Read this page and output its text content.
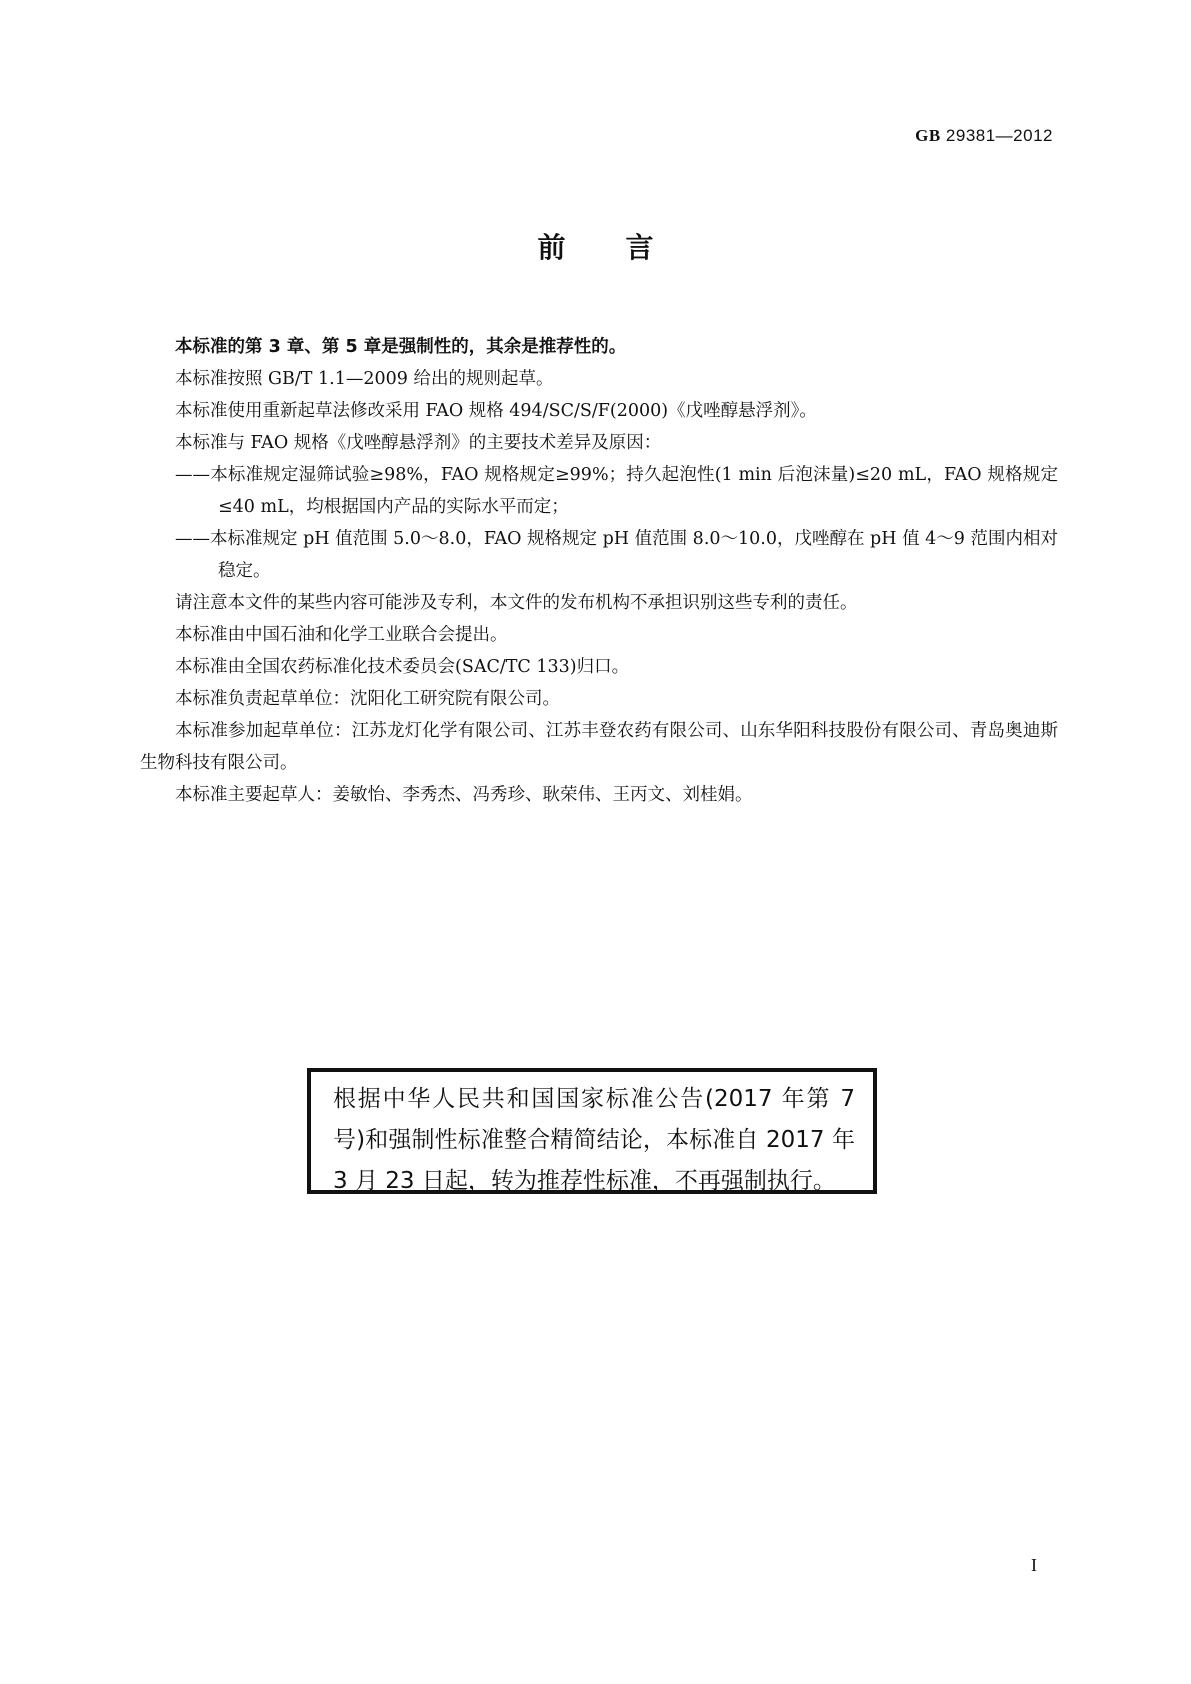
GB 29381—2012
前言

本标准的第 3 章、第 5 章是强制性的，其余是推荐性的。

本标准按照 GB/T 1.1—2009 给出的规则起草。

本标准使用重新起草法修改采用 FAO 规格 494/SC/S/F(2000)《戊唑醇悬浮剂》。

本标准与 FAO 规格《戊唑醇悬浮剂》的主要技术差异及原因：

——本标准规定湿筛试验≥98%，FAO 规格规定≥99%；持久起泡性(1 min 后泡沫量)≤20 mL，FAO 规格规定≤40 mL，均根据国内产品的实际水平而定；

——本标准规定 pH 值范围 5.0～8.0，FAO 规格规定 pH 值范围 8.0～10.0，戊唑醇在 pH 值 4～9 范围内相对稳定。

请注意本文件的某些内容可能涉及专利，本文件的发布机构不承担识别这些专利的责任。

本标准由中国石油和化学工业联合会提出。

本标准由全国农药标准化技术委员会(SAC/TC 133)归口。

本标准负责起草单位：沈阳化工研究院有限公司。

本标准参加起草单位：江苏龙灯化学有限公司、江苏丰登农药有限公司、山东华阳科技股份有限公司、青岛奥迪斯生物科技有限公司。

本标准主要起草人：姜敏怡、李秀杰、冯秀珍、耿荣伟、王丙文、刘桂娟。

根据中华人民共和国国家标准公告(2017 年第 7 号)和强制性标准整合精简结论，本标准自 2017 年 3 月 23 日起，转为推荐性标准，不再强制执行。
I
